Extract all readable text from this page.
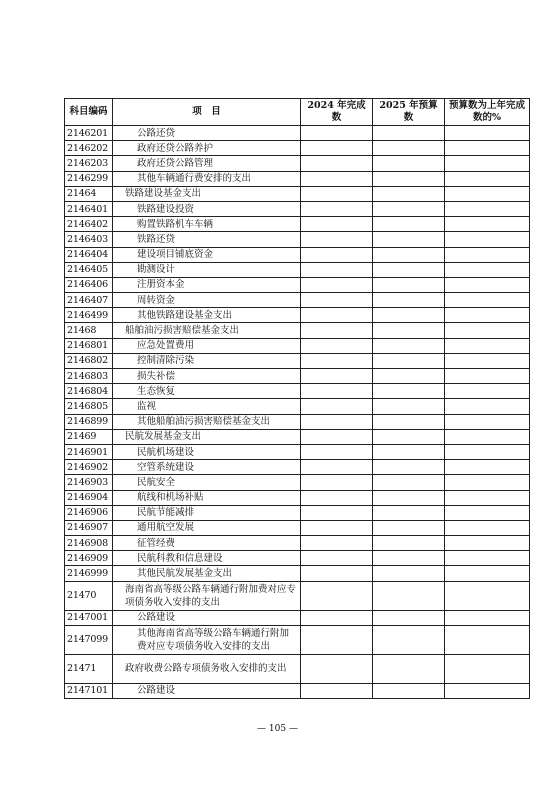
科目编码	项　目	2024 年完成数	2025 年预算数	预算数为上年完成数的%
2146201	公路还贷			
2146202	政府还贷公路养护			
2146203	政府还贷公路管理			
2146299	其他车辆通行费安排的支出			
21464	铁路建设基金支出			
2146401	铁路建设投资			
2146402	购置铁路机车车辆			
2146403	铁路还贷			
2146404	建设项目铺底资金			
2146405	勘测设计			
2146406	注册资本金			
2146407	周转资金			
2146499	其他铁路建设基金支出			
21468	船舶油污损害赔偿基金支出			
2146801	应急处置费用			
2146802	控制清除污染			
2146803	损失补偿			
2146804	生态恢复			
2146805	监视			
2146899	其他船舶油污损害赔偿基金支出			
21469	民航发展基金支出			
2146901	民航机场建设			
2146902	空管系统建设			
2146903	民航安全			
2146904	航线和机场补贴			
2146906	民航节能减排			
2146907	通用航空发展			
2146908	征管经费			
2146909	民航科教和信息建设			
2146999	其他民航发展基金支出			
21470	海南省高等级公路车辆通行附加费对应专项债务收入安排的支出			
2147001	公路建设			
2147099	其他海南省高等级公路车辆通行附加费对应专项债务收入安排的支出			
21471	政府收费公路专项债务收入安排的支出			
2147101	公路建设			
— 105 —
